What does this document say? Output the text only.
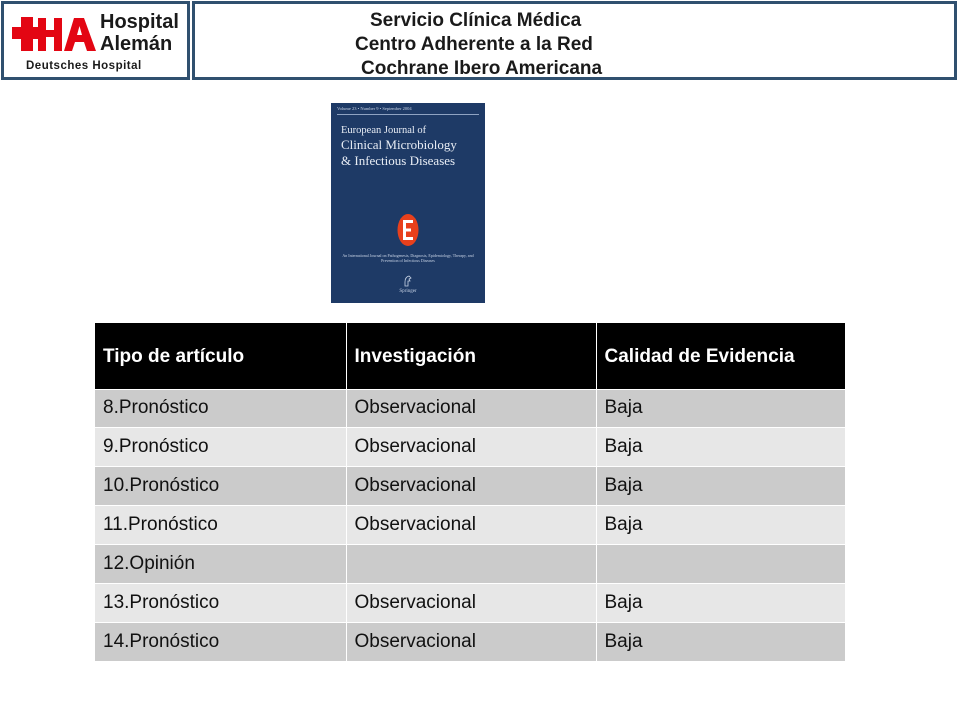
Hospital
Alemán
Deutsches Hospital
Servicio Clínica Médica
Centro Adherente a la Red
Cochrane Ibero Americana
Volume 23 • Number 9 • September 2004
European Journal of
Clinical Microbiology
& Infectious Diseases
An International Journal on Pathogenesis, Diagnosis, Epidemiology, Therapy, and Prevention of Infectious Diseases
Springer
Tipo de artículo	Investigación	Calidad de Evidencia
8.Pronóstico	Observacional	Baja
9.Pronóstico	Observacional	Baja
10.Pronóstico	Observacional	Baja
11.Pronóstico	Observacional	Baja
12.Opinión		
13.Pronóstico	Observacional	Baja
14.Pronóstico	Observacional	Baja
